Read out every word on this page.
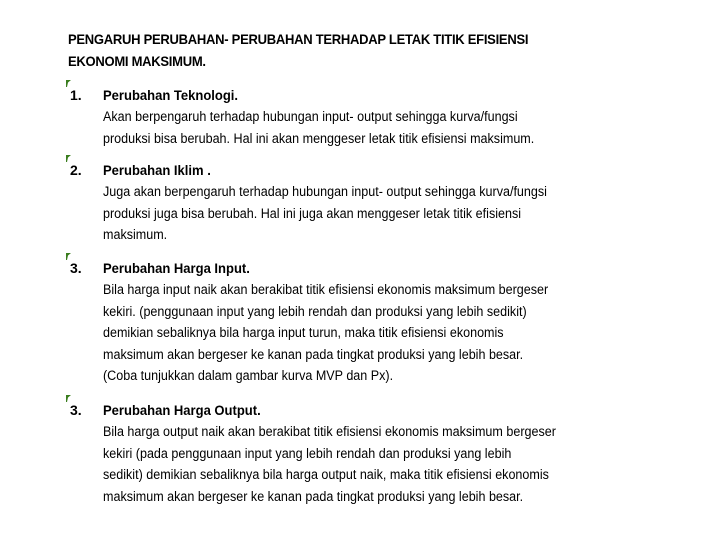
PENGARUH PERUBAHAN- PERUBAHAN TERHADAP LETAK TITIK EFISIENSI
EKONOMI MAKSIMUM.
1. Perubahan Teknologi.
Akan berpengaruh terhadap hubungan input- output sehingga kurva/fungsi
produksi bisa berubah. Hal ini akan menggeser letak titik efisiensi maksimum.
2. Perubahan Iklim .
Juga akan berpengaruh terhadap hubungan input- output sehingga kurva/fungsi
produksi juga bisa berubah. Hal ini juga akan menggeser letak titik efisiensi
maksimum.
3. Perubahan Harga Input.
Bila harga input naik akan berakibat titik efisiensi ekonomis maksimum bergeser
kekiri. (penggunaan input yang lebih rendah dan produksi yang lebih sedikit)
demikian sebaliknya bila harga input turun, maka titik efisiensi ekonomis
maksimum akan bergeser ke kanan pada tingkat produksi yang lebih besar.
(Coba tunjukkan dalam gambar kurva MVP dan Px).
3. Perubahan Harga Output.
Bila harga output naik akan berakibat titik efisiensi ekonomis maksimum bergeser
kekiri (pada penggunaan input yang lebih rendah dan produksi yang lebih
sedikit) demikian sebaliknya bila harga output naik, maka titik efisiensi ekonomis
maksimum akan bergeser ke kanan pada tingkat produksi yang lebih besar.
